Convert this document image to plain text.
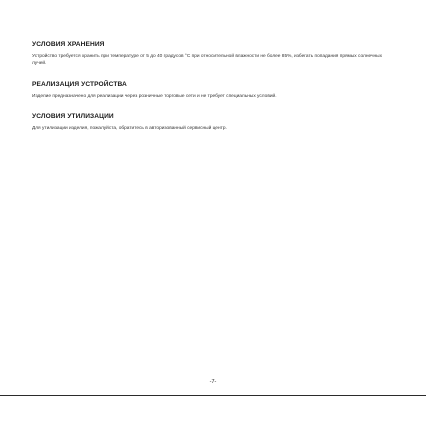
УСЛОВИЯ ХРАНЕНИЯ

Устройство требуется хранить при температуре от 5 до 40 градусов °С при относительной влажности не более 85%, избегать попадания прямых солнечных лучей.

РЕАЛИЗАЦИЯ УСТРОЙСТВА

Изделие предназначено для реализации через розничные торговые сети и не требует специальных условий.

УСЛОВИЯ УТИЛИЗАЦИИ

Для утилизации изделия, пожалуйста, обратитесь в авторизованный сервисный центр.

-7-
